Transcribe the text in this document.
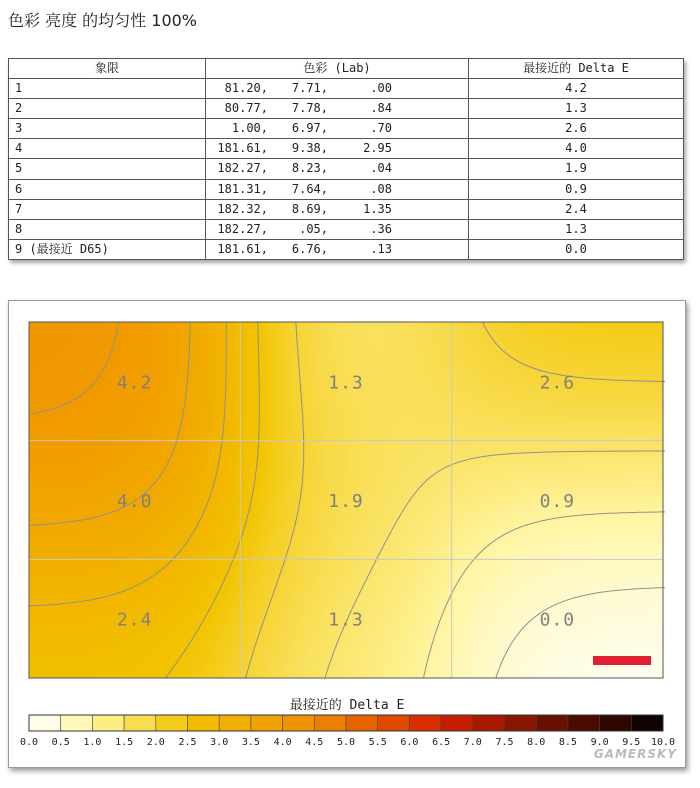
色彩 亮度 的均匀性 100%
象限	色彩 (Lab)	最接近的 Delta E
1	81.20, 7.71, .00	4.2
2	80.77, 7.78, .84	1.3
3	1.00, 6.97, .70	2.6
4	181.61, 9.38, 2.95	4.0
5	182.27, 8.23, .04	1.9
6	181.31, 7.64, .08	0.9
7	182.32, 8.69, 1.35	2.4
8	182.27, .05, .36	1.3
9 (最接近 D65)	181.61, 6.76, .13	0.0
4.2	1.3	2.6
4.0	1.9	0.9
2.4	1.3	0.0
最接近的 Delta E
0.0 0.5 1.0 1.5 2.0 2.5 3.0 3.5 4.0 4.5 5.0 5.5 6.0 6.5 7.0 7.5 8.0 8.5 9.0 9.5 10.0
GAMERSKY
